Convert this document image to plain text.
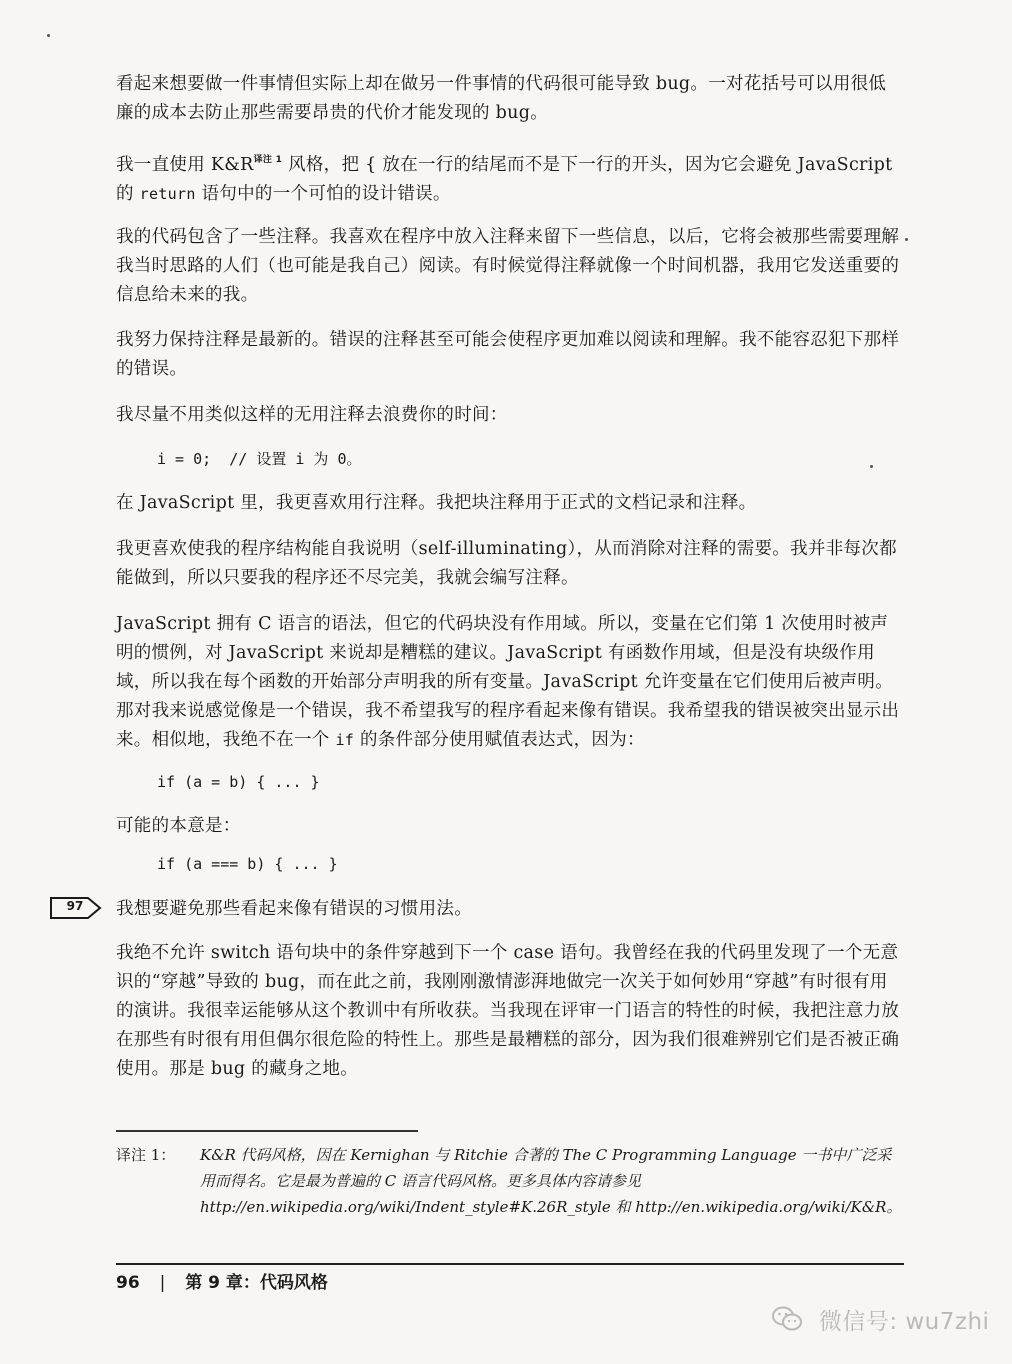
看起来想要做一件事情但实际上却在做另一件事情的代码很可能导致 bug。一对花括号可以用很低廉的成本去防止那些需要昂贵的代价才能发现的 bug。

我一直使用 K&R$^{译注 1}$ 风格，把 { 放在一行的结尾而不是下一行的开头，因为它会避免 JavaScript 的 return 语句中的一个可怕的设计错误。

我的代码包含了一些注释。我喜欢在程序中放入注释来留下一些信息，以后，它将会被那些需要理解我当时思路的人们（也可能是我自己）阅读。有时候觉得注释就像一个时间机器，我用它发送重要的信息给未来的我。

我努力保持注释是最新的。错误的注释甚至可能会使程序更加难以阅读和理解。我不能容忍犯下那样的错误。

我尽量不用类似这样的无用注释去浪费你的时间：

i = 0;  // 设置 i 为 0。

在 JavaScript 里，我更喜欢用行注释。我把块注释用于正式的文档记录和注释。

我更喜欢使我的程序结构能自我说明（self-illuminating），从而消除对注释的需要。我并非每次都能做到，所以只要我的程序还不尽完美，我就会编写注释。

JavaScript 拥有 C 语言的语法，但它的代码块没有作用域。所以，变量在它们第 1 次使用时被声明的惯例，对 JavaScript 来说却是糟糕的建议。JavaScript 有函数作用域，但是没有块级作用域，所以我在每个函数的开始部分声明我的所有变量。JavaScript 允许变量在它们使用后被声明。那对我来说感觉像是一个错误，我不希望我写的程序看起来像有错误。我希望我的错误被突出显示出来。相似地，我绝不在一个 if 的条件部分使用赋值表达式，因为：

if (a = b) { ... }

可能的本意是：

if (a === b) { ... }
97	我想要避免那些看起来像有错误的习惯用法。

我绝不允许 switch 语句块中的条件穿越到下一个 case 语句。我曾经在我的代码里发现了一个无意识的“穿越”导致的 bug，而在此之前，我刚刚激情澎湃地做完一次关于如何妙用“穿越”有时很有用的演讲。我很幸运能够从这个教训中有所收获。当我现在评审一门语言的特性的时候，我把注意力放在那些有时很有用但偶尔很危险的特性上。那些是最糟糕的部分，因为我们很难辨别它们是否被正确使用。那是 bug 的藏身之地。

译注 1： K&R 代码风格，因在 Kernighan 与 Ritchie 合著的 The C Programming Language 一书中广泛采用而得名。它是最为普遍的 C 语言代码风格。更多具体内容请参见 http://en.wikipedia.org/wiki/Indent_style#K.26R_style 和 http://en.wikipedia.org/wiki/K&R。
96 | 第 9 章：代码风格
微信号: wu7zhi
